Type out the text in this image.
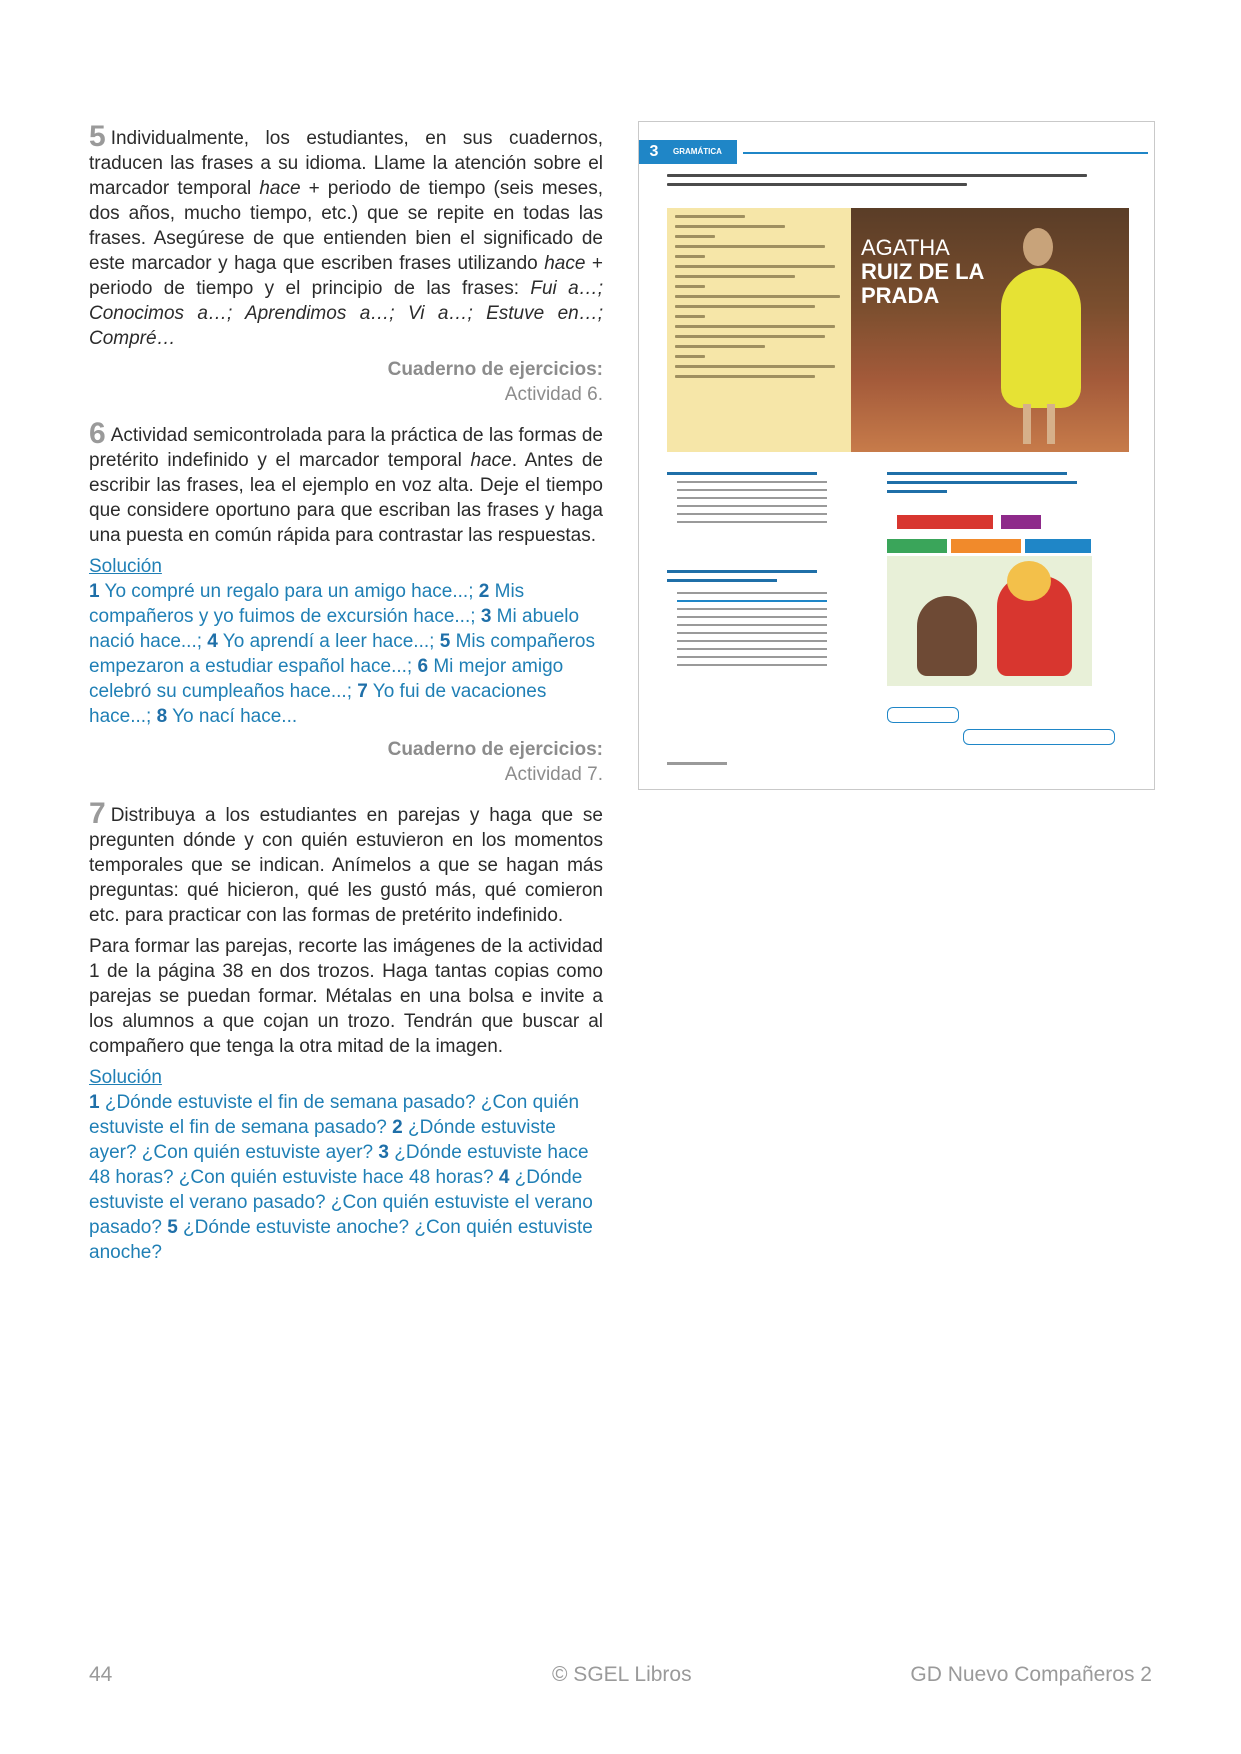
5 Individualmente, los estudiantes, en sus cuadernos, traducen las frases a su idioma. Llame la atención sobre el marcador temporal hace + periodo de tiempo (seis meses, dos años, mucho tiempo, etc.) que se repite en todas las frases. Asegúrese de que entienden bien el significado de este marcador y haga que escriben frases utilizando hace + periodo de tiempo y el principio de las frases: Fui a…; Conocimos a…; Aprendimos a…; Vi a…; Estuve en…; Compré…

Cuaderno de ejercicios:
Actividad 6.

6 Actividad semicontrolada para la práctica de las formas de pretérito indefinido y el marcador temporal hace. Antes de escribir las frases, lea el ejemplo en voz alta. Deje el tiempo que considere oportuno para que escriban las frases y haga una puesta en común rápida para contrastar las respuestas.

Solución

1 Yo compré un regalo para un amigo hace...; 2 Mis compañeros y yo fuimos de excursión hace...; 3 Mi abuelo nació hace...; 4 Yo aprendí a leer hace...; 5 Mis compañeros empezaron a estudiar español hace...; 6 Mi mejor amigo celebró su cumpleaños hace...; 7 Yo fui de vacaciones hace...; 8 Yo nací hace...

Cuaderno de ejercicios:
Actividad 7.

7 Distribuya a los estudiantes en parejas y haga que se pregunten dónde y con quién estuvieron en los momentos temporales que se indican. Anímelos a que se hagan más preguntas: qué hicieron, qué les gustó más, qué comieron etc. para practicar con las formas de pretérito indefinido.

Para formar las parejas, recorte las imágenes de la actividad 1 de la página 38 en dos trozos. Haga tantas copias como parejas se puedan formar. Métalas en una bolsa e invite a los alumnos a que cojan un trozo. Tendrán que buscar al compañero que tenga la otra mitad de la imagen.

Solución

1 ¿Dónde estuviste el fin de semana pasado? ¿Con quién estuviste el fin de semana pasado? 2 ¿Dónde estuviste ayer? ¿Con quién estuviste ayer? 3 ¿Dónde estuviste hace 48 horas? ¿Con quién estuviste hace 48 horas? 4 ¿Dónde estuviste el verano pasado? ¿Con quién estuviste el verano pasado? 5 ¿Dónde estuviste anoche? ¿Con quién estuviste anoche?

3	GRAMÁTICA
AGATHA
RUIZ DE LA
PRADA
44	© SGEL Libros	GD Nuevo Compañeros 2
